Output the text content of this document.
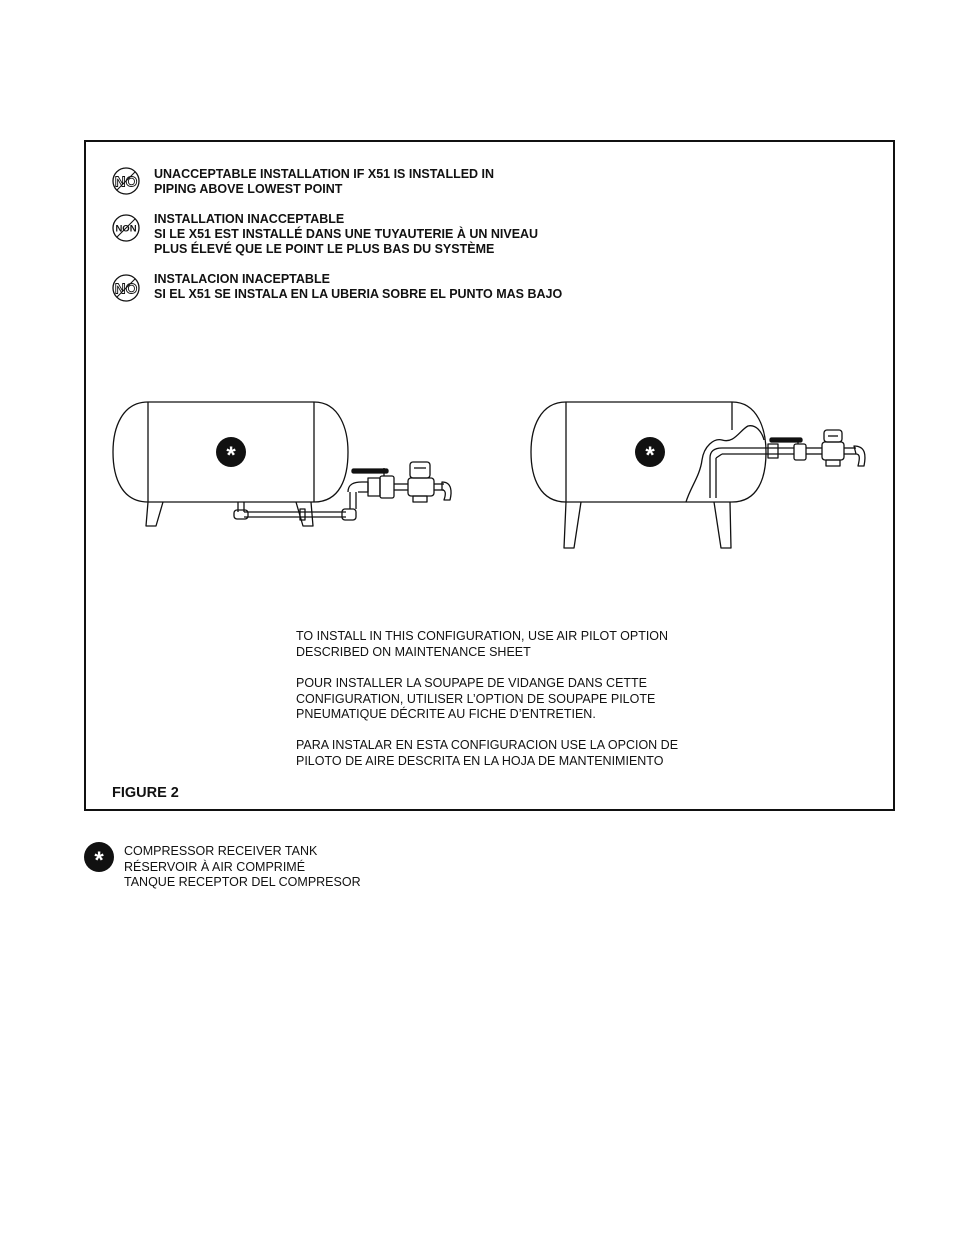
NO UNACCEPTABLE INSTALLATION IF X51 IS INSTALLED IN
PIPING ABOVE LOWEST POINT
NON
INSTALLATION INACCEPTABLE
SI LE X51 EST INSTALLÉ DANS UNE TUYAUTERIE À UN NIVEAU
PLUS ÉLEVÉ QUE LE POINT LE PLUS BAS DU SYSTÈME
NO
INSTALACION INACEPTABLE
SI EL X51 SE INSTALA EN LA UBERIA SOBRE EL PUNTO MAS BAJO
*	*
TO INSTALL IN THIS CONFIGURATION, USE AIR PILOT OPTION
DESCRIBED ON MAINTENANCE SHEET
POUR INSTALLER LA SOUPAPE DE VIDANGE DANS CETTE
CONFIGURATION, UTILISER L’OPTION DE SOUPAPE PILOTE
PNEUMATIQUE DÉCRITE AU FICHE D’ENTRETIEN.
PARA INSTALAR EN ESTA CONFIGURACION USE LA OPCION DE
PILOTO DE AIRE DESCRITA EN LA HOJA DE MANTENIMIENTO
FIGURE 2
* COMPRESSOR RECEIVER TANK
RÉSERVOIR À AIR COMPRIMÉ
TANQUE RECEPTOR DEL COMPRESOR
